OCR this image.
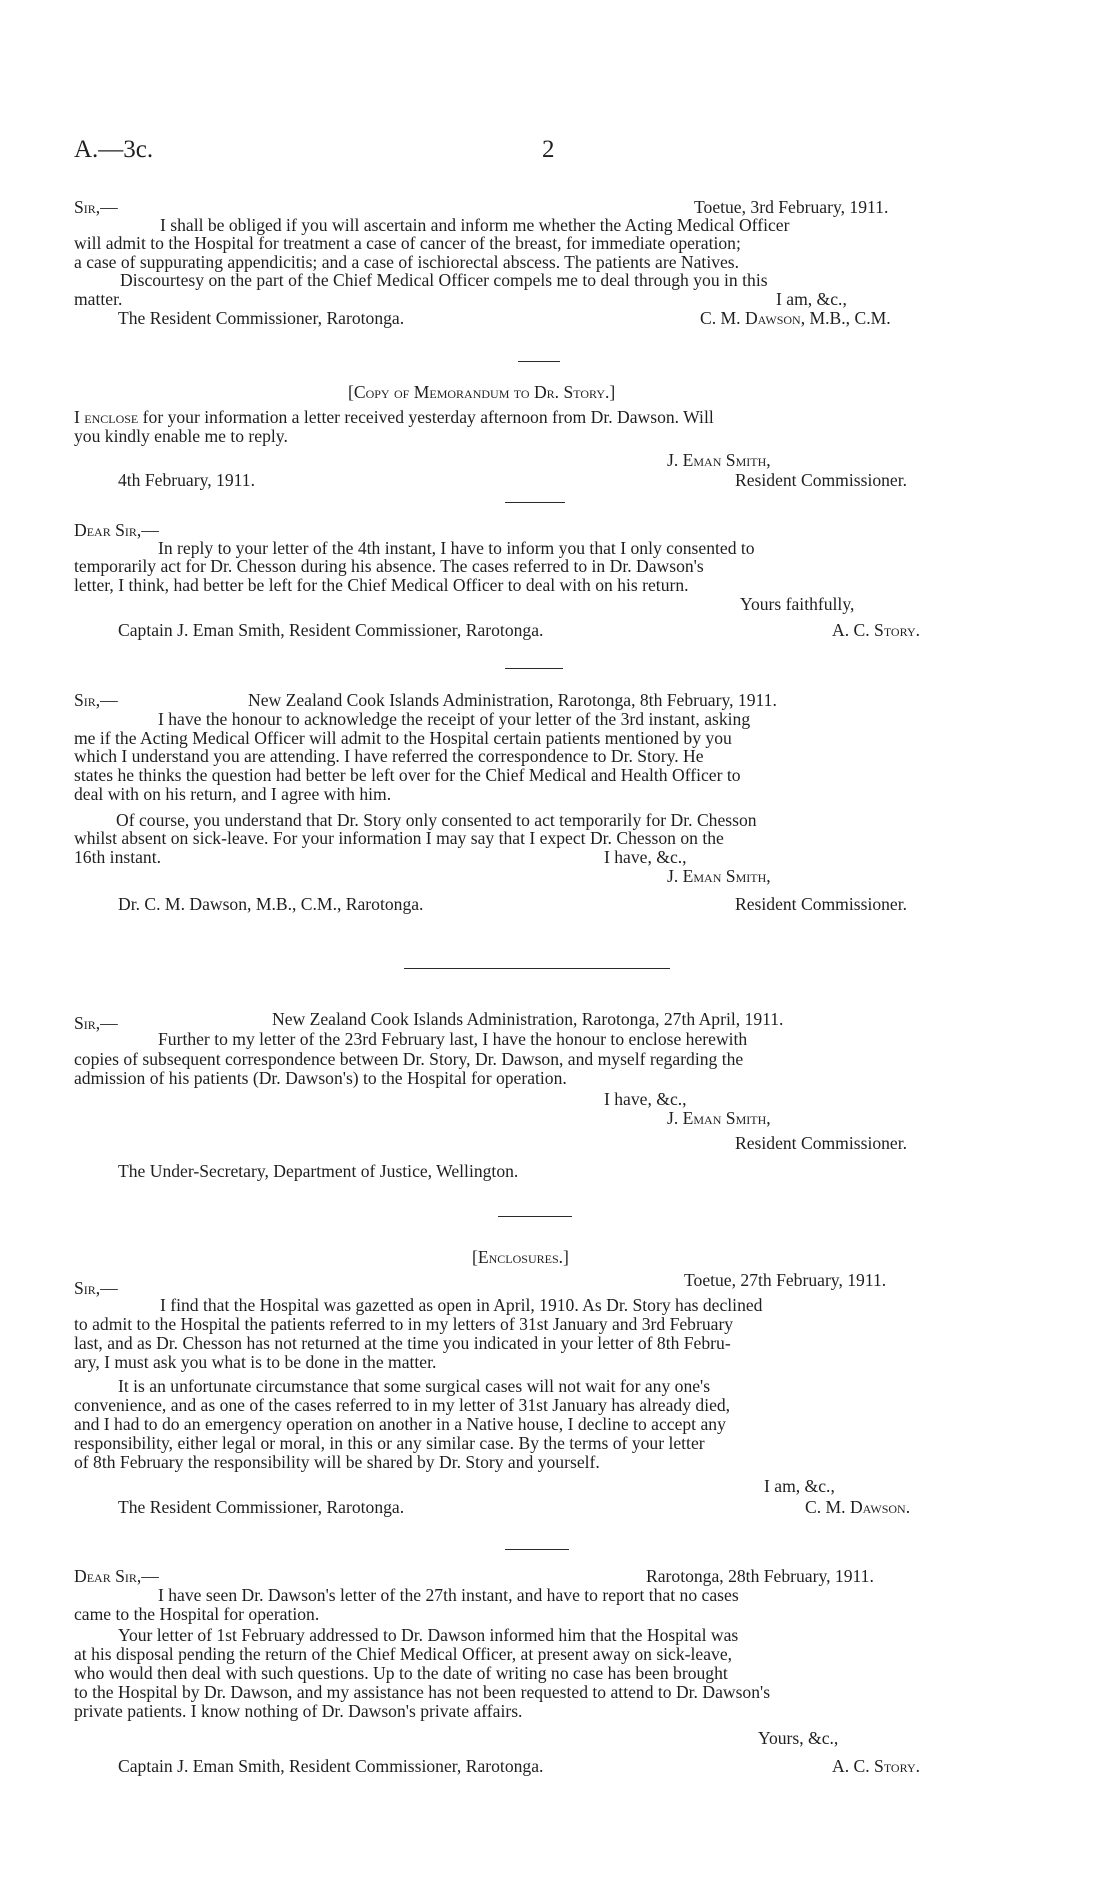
A.—3c.	2
Sir,—	Toetue, 3rd February, 1911.
I shall be obliged if you will ascertain and inform me whether the Acting Medical Officer
will admit to the Hospital for treatment a case of cancer of the breast, for immediate operation;
a case of suppurating appendicitis; and a case of ischiorectal abscess. The patients are Natives.
Discourtesy on the part of the Chief Medical Officer compels me to deal through you in this
matter.	I am, &c.,
The Resident Commissioner, Rarotonga.	C. M. Dawson, M.B., C.M.
[Copy of Memorandum to Dr. Story.]
I enclose for your information a letter received yesterday afternoon from Dr. Dawson. Will
you kindly enable me to reply.
J. Eman Smith,
4th February, 1911.	Resident Commissioner.
Dear Sir,—
In reply to your letter of the 4th instant, I have to inform you that I only consented to
temporarily act for Dr. Chesson during his absence. The cases referred to in Dr. Dawson's
letter, I think, had better be left for the Chief Medical Officer to deal with on his return.
Yours faithfully,
Captain J. Eman Smith, Resident Commissioner, Rarotonga.	A. C. Story.
Sir,—	New Zealand Cook Islands Administration, Rarotonga, 8th February, 1911.
I have the honour to acknowledge the receipt of your letter of the 3rd instant, asking
me if the Acting Medical Officer will admit to the Hospital certain patients mentioned by you
which I understand you are attending. I have referred the correspondence to Dr. Story. He
states he thinks the question had better be left over for the Chief Medical and Health Officer to
deal with on his return, and I agree with him.
Of course, you understand that Dr. Story only consented to act temporarily for Dr. Chesson
whilst absent on sick-leave. For your information I may say that I expect Dr. Chesson on the
16th instant.	I have, &c.,
J. Eman Smith,
Dr. C. M. Dawson, M.B., C.M., Rarotonga.	Resident Commissioner.
Sir,—	New Zealand Cook Islands Administration, Rarotonga, 27th April, 1911.
Further to my letter of the 23rd February last, I have the honour to enclose herewith
copies of subsequent correspondence between Dr. Story, Dr. Dawson, and myself regarding the
admission of his patients (Dr. Dawson's) to the Hospital for operation.
I have, &c.,
J. Eman Smith,
Resident Commissioner.
The Under-Secretary, Department of Justice, Wellington.
[Enclosures.]
Sir,—	Toetue, 27th February, 1911.
I find that the Hospital was gazetted as open in April, 1910. As Dr. Story has declined
to admit to the Hospital the patients referred to in my letters of 31st January and 3rd February
last, and as Dr. Chesson has not returned at the time you indicated in your letter of 8th Febru-
ary, I must ask you what is to be done in the matter.
It is an unfortunate circumstance that some surgical cases will not wait for any one's
convenience, and as one of the cases referred to in my letter of 31st January has already died,
and I had to do an emergency operation on another in a Native house, I decline to accept any
responsibility, either legal or moral, in this or any similar case. By the terms of your letter
of 8th February the responsibility will be shared by Dr. Story and yourself.
I am, &c.,
The Resident Commissioner, Rarotonga.	C. M. Dawson.
Dear Sir,—	Rarotonga, 28th February, 1911.
I have seen Dr. Dawson's letter of the 27th instant, and have to report that no cases
came to the Hospital for operation.
Your letter of 1st February addressed to Dr. Dawson informed him that the Hospital was
at his disposal pending the return of the Chief Medical Officer, at present away on sick-leave,
who would then deal with such questions. Up to the date of writing no case has been brought
to the Hospital by Dr. Dawson, and my assistance has not been requested to attend to Dr. Dawson's
private patients. I know nothing of Dr. Dawson's private affairs.
Yours, &c.,
Captain J. Eman Smith, Resident Commissioner, Rarotonga.	A. C. Story.
